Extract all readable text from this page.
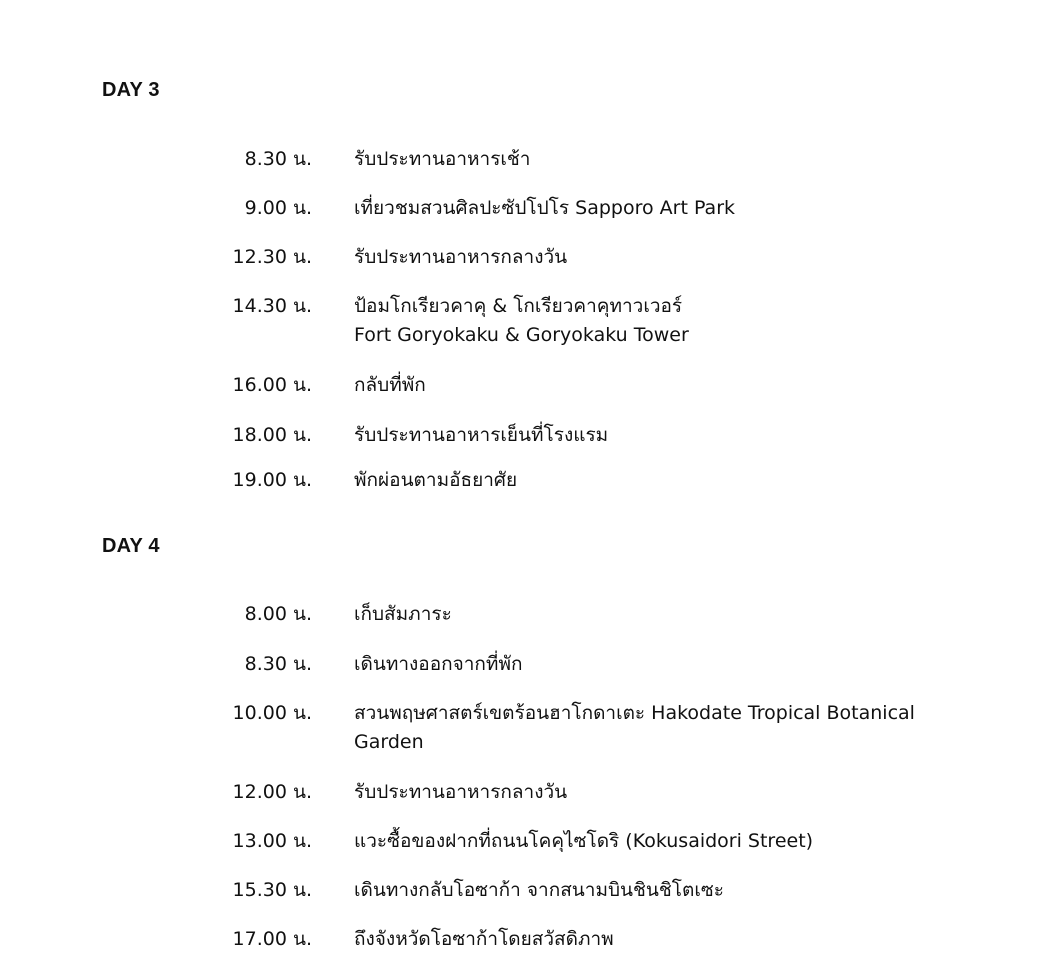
DAY 3
8.30 น. รับประทานอาหารเช้า
9.00 น. เที่ยวชมสวนศิลปะซัปโปโร Sapporo Art Park
12.30 น. รับประทานอาหารกลางวัน
14.30 น. ป้อมโกเรียวคาคุ & โกเรียวคาคุทาวเวอร์
Fort Goryokaku & Goryokaku Tower
16.00 น. กลับที่พัก
18.00 น. รับประทานอาหารเย็นที่โรงแรม
19.00 น. พักผ่อนตามอัธยาศัย
DAY 4
8.00 น. เก็บสัมภาระ
8.30 น. เดินทางออกจากที่พัก
10.00 น. สวนพฤษศาสตร์เขตร้อนฮาโกดาเตะ Hakodate Tropical Botanical
Garden
12.00 น. รับประทานอาหารกลางวัน
13.00 น. แวะซื้อของฝากที่ถนนโคคุไซโดริ (Kokusaidori Street)
15.30 น. เดินทางกลับโอซาก้า จากสนามบินชินชิโตเซะ
17.00 น. ถึงจังหวัดโอซาก้าโดยสวัสดิภาพ
